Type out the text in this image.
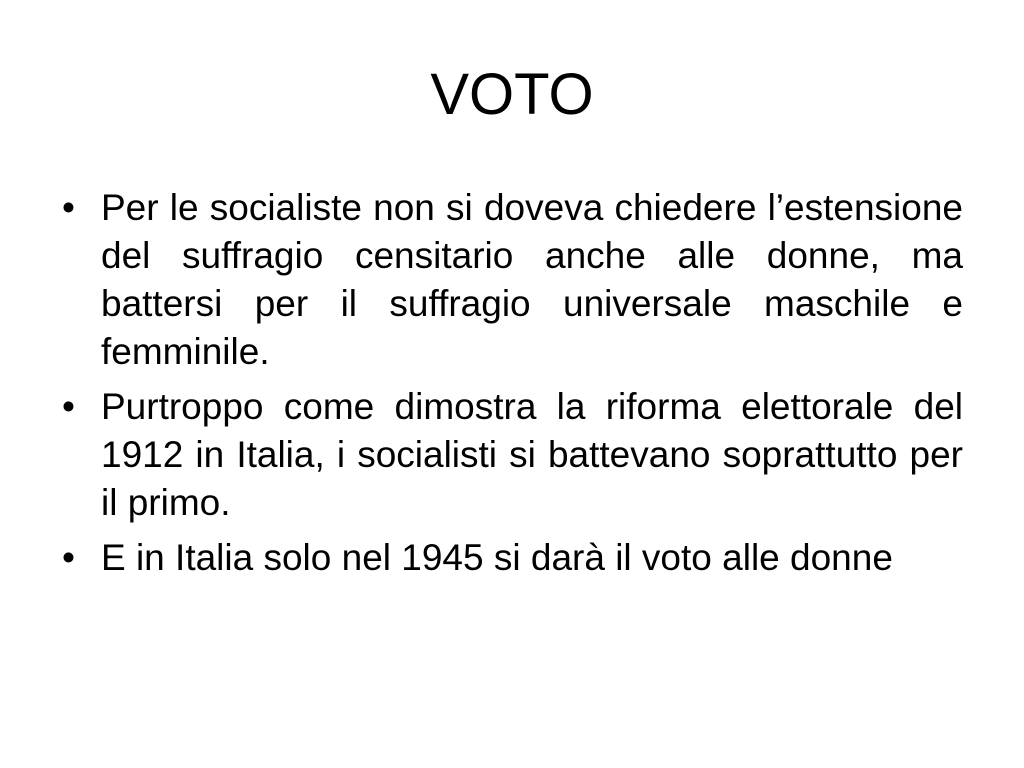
VOTO
• Per le socialiste non si doveva chiedere l’estensione del suffragio censitario anche alle donne, ma battersi per il suffragio universale maschile e femminile.
• Purtroppo come dimostra la riforma elettorale del 1912 in Italia, i socialisti si battevano soprattutto per il primo.
• E in Italia solo nel 1945 si darà il voto alle donne
